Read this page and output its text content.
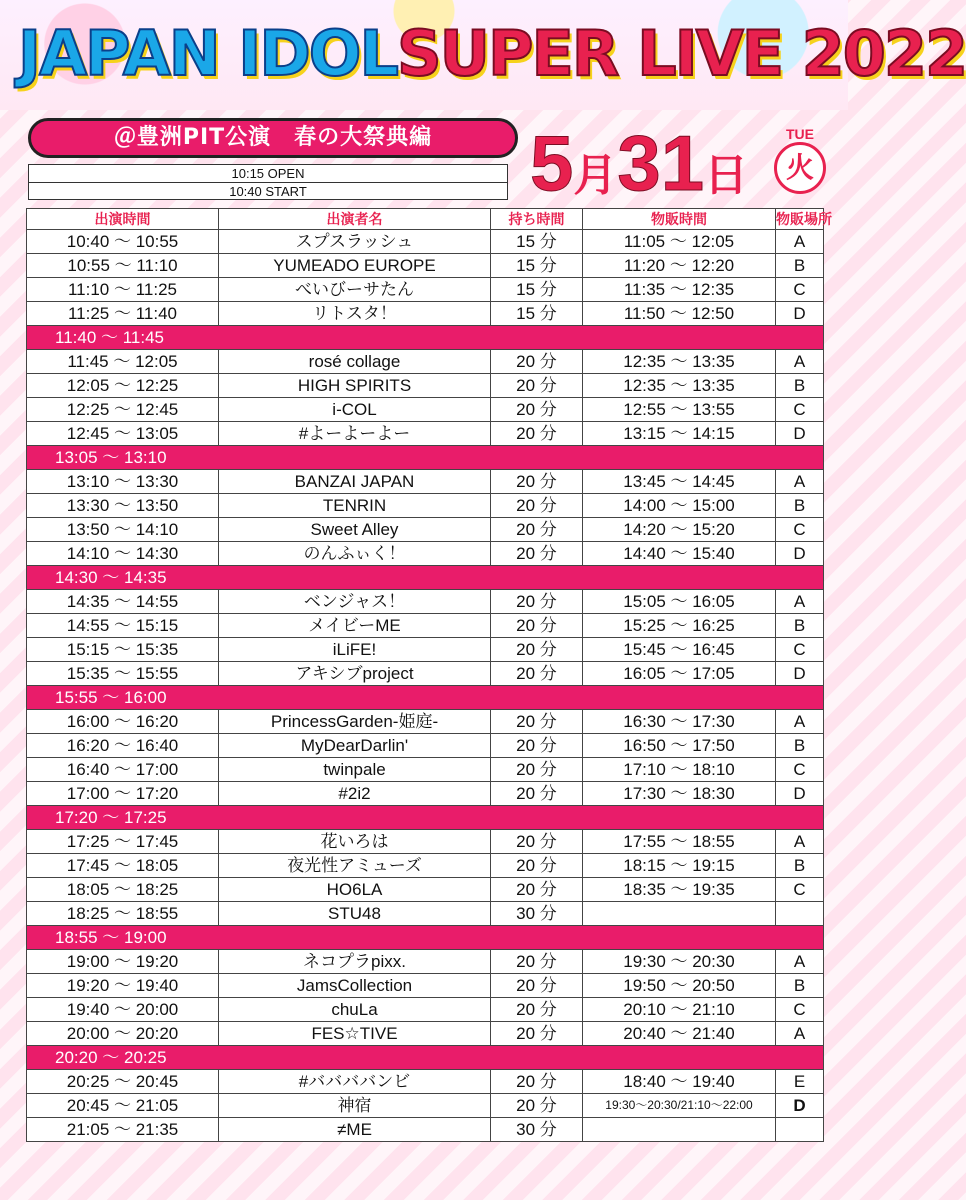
JAPAN IDOLSUPER LIVE 2022
＠豊洲PIT公演　春の大祭典編
10:15 OPEN
10:40 START	5月31日
TUE
火
出演時間	出演者名	持ち時間	物販時間	物販場所
10:40 〜 10:55	スプスラッシュ	15 分	11:05 〜 12:05	A
10:55 〜 11:10	YUMEADO EUROPE	15 分	11:20 〜 12:20	B
11:10 〜 11:25	べいびーサたん	15 分	11:35 〜 12:35	C
11:25 〜 11:40	リトスタ！	15 分	11:50 〜 12:50	D
11:40 〜 11:45				
11:45 〜 12:05	rosé collage	20 分	12:35 〜 13:35	A
12:05 〜 12:25	HIGH SPIRITS	20 分	12:35 〜 13:35	B
12:25 〜 12:45	i-COL	20 分	12:55 〜 13:55	C
12:45 〜 13:05	#よーよーよー	20 分	13:15 〜 14:15	D
13:05 〜 13:10				
13:10 〜 13:30	BANZAI JAPAN	20 分	13:45 〜 14:45	A
13:30 〜 13:50	TENRIN	20 分	14:00 〜 15:00	B
13:50 〜 14:10	Sweet Alley	20 分	14:20 〜 15:20	C
14:10 〜 14:30	のんふぃく！	20 分	14:40 〜 15:40	D
14:30 〜 14:35				
14:35 〜 14:55	ベンジャス！	20 分	15:05 〜 16:05	A
14:55 〜 15:15	メイビーME	20 分	15:25 〜 16:25	B
15:15 〜 15:35	iLiFE!	20 分	15:45 〜 16:45	C
15:35 〜 15:55	アキシブproject	20 分	16:05 〜 17:05	D
15:55 〜 16:00				
16:00 〜 16:20	PrincessGarden-姫庭-	20 分	16:30 〜 17:30	A
16:20 〜 16:40	MyDearDarlin'	20 分	16:50 〜 17:50	B
16:40 〜 17:00	twinpale	20 分	17:10 〜 18:10	C
17:00 〜 17:20	#2i2	20 分	17:30 〜 18:30	D
17:20 〜 17:25				
17:25 〜 17:45	花いろは	20 分	17:55 〜 18:55	A
17:45 〜 18:05	夜光性アミューズ	20 分	18:15 〜 19:15	B
18:05 〜 18:25	HO6LA	20 分	18:35 〜 19:35	C
18:25 〜 18:55	STU48	30 分		
18:55 〜 19:00				
19:00 〜 19:20	ネコプラpixx.	20 分	19:30 〜 20:30	A
19:20 〜 19:40	JamsCollection	20 分	19:50 〜 20:50	B
19:40 〜 20:00	chuLa	20 分	20:10 〜 21:10	C
20:00 〜 20:20	FES☆TIVE	20 分	20:40 〜 21:40	A
20:20 〜 20:25				
20:25 〜 20:45	#ババババンビ	20 分	18:40 〜 19:40	E
20:45 〜 21:05	神宿	20 分	19:30〜20:30/21:10〜22:00	D
21:05 〜 21:35	≠ME	30 分		
